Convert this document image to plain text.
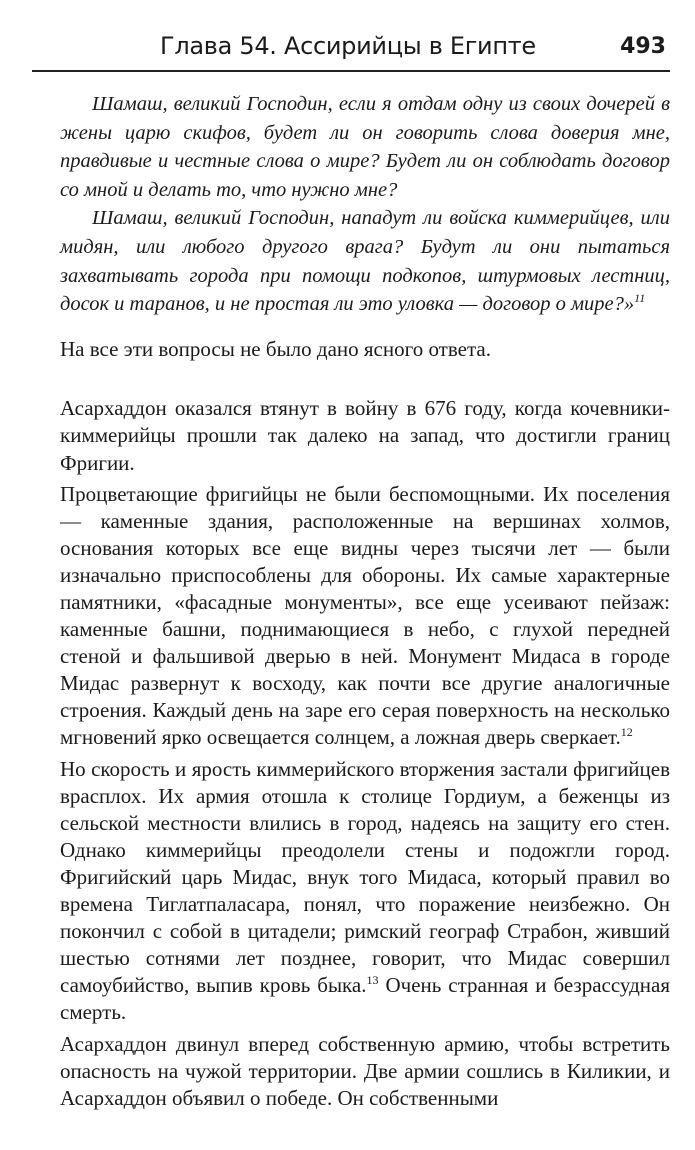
Глава 54. Ассирийцы в Египте	493

Шамаш, великий Господин, если я отдам одну из своих дочерей в жены царю скифов, будет ли он говорить слова доверия мне, правдивые и честные слова о мире? Будет ли он соблюдать договор со мной и делать то, что нужно мне?

Шамаш, великий Господин, нападут ли войска киммерийцев, или мидян, или любого другого врага? Будут ли они пытаться захватывать города при помощи подкопов, штурмовых лестниц, досок и таранов, и не простая ли это уловка — договор о мире?»$^{11}$

На все эти вопросы не было дано ясного ответа.

Асархаддон оказался втянут в войну в 676 году, когда кочевники-киммерийцы прошли так далеко на запад, что достигли границ Фригии.

Процветающие фригийцы не были беспомощными. Их поселения — каменные здания, расположенные на вершинах холмов, основания которых все еще видны через тысячи лет — были изначально приспособлены для обороны. Их самые характерные памятники, «фасадные монументы», все еще усеивают пейзаж: каменные башни, поднимающиеся в небо, с глухой передней стеной и фальшивой дверью в ней. Монумент Мидаса в городе Мидас развернут к восходу, как почти все другие аналогичные строения. Каждый день на заре его серая поверхность на несколько мгновений ярко освещается солнцем, а ложная дверь сверкает.$^{12}$

Но скорость и ярость киммерийского вторжения застали фригийцев врасплох. Их армия отошла к столице Гордиум, а беженцы из сельской местности влились в город, надеясь на защиту его стен. Однако киммерийцы преодолели стены и подожгли город. Фригийский царь Мидас, внук того Мидаса, который правил во времена Тиглатпаласара, понял, что поражение неизбежно. Он покончил с собой в цитадели; римский географ Страбон, живший шестью сотнями лет позднее, говорит, что Мидас совершил самоубийство, выпив кровь быка.$^{13}$ Очень странная и безрассудная смерть.

Асархаддон двинул вперед собственную армию, чтобы встретить опасность на чужой территории. Две армии сошлись в Киликии, и Асархаддон объявил о победе. Он собственными
